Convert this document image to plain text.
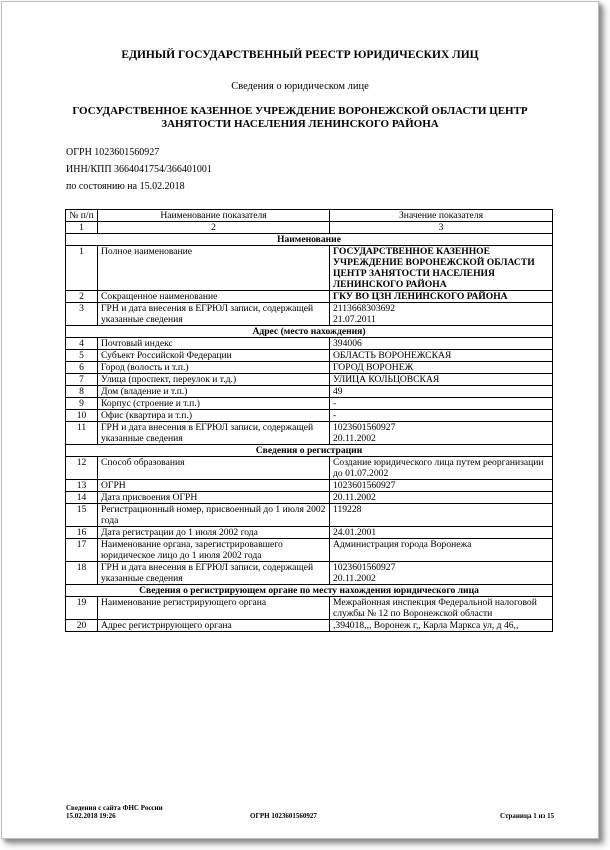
ЕДИНЫЙ ГОСУДАРСТВЕННЫЙ РЕЕСТР ЮРИДИЧЕСКИХ ЛИЦ
Сведения о юридическом лице
ГОСУДАРСТВЕННОЕ КАЗЕННОЕ УЧРЕЖДЕНИЕ ВОРОНЕЖСКОЙ ОБЛАСТИ ЦЕНТР ЗАНЯТОСТИ НАСЕЛЕНИЯ ЛЕНИНСКОГО РАЙОНА
ОГРН 1023601560927
ИНН/КПП 3664041754/366401001
по состоянию на 15.02.2018
№ п/п	Наименование показателя	Значение показателя
1	2	3
Наименование		
1	Полное наименование	ГОСУДАРСТВЕННОЕ КАЗЕННОЕ УЧРЕЖДЕНИЕ ВОРОНЕЖСКОЙ ОБЛАСТИ ЦЕНТР ЗАНЯТОСТИ НАСЕЛЕНИЯ ЛЕНИНСКОГО РАЙОНА
2	Сокращенное наименование	ГКУ ВО ЦЗН ЛЕНИНСКОГО РАЙОНА
3	ГРН и дата внесения в ЕГРЮЛ записи, содержащей указанные сведения	2113668303692
21.07.2011
Адрес (место нахождения)		
4	Почтовый индекс	394006
5	Субъект Российской Федерации	ОБЛАСТЬ ВОРОНЕЖСКАЯ
6	Город (волость и т.п.)	ГОРОД ВОРОНЕЖ
7	Улица (проспект, переулок и т.д.)	УЛИЦА КОЛЬЦОВСКАЯ
8	Дом (владение и т.п.)	49
9	Корпус (строение и т.п.)	-
10	Офис (квартира и т.п.)	-
11	ГРН и дата внесения в ЕГРЮЛ записи, содержащей указанные сведения	1023601560927
20.11.2002
Сведения о регистрации		
12	Способ образования	Создание юридического лица путем реорганизации до 01.07.2002
13	ОГРН	1023601560927
14	Дата присвоения ОГРН	20.11.2002
15	Регистрационный номер, присвоенный до 1 июля 2002 года	119228
16	Дата регистрации до 1 июля 2002 года	24.01.2001
17	Наименование органа, зарегистрировавшего юридическое лицо до 1 июля 2002 года	Администрация города Воронежа
18	ГРН и дата внесения в ЕГРЮЛ записи, содержащей указанные сведения	1023601560927
20.11.2002
Сведения о регистрирующем органе по месту нахождения юридического лица		
19	Наименование регистрирующего органа	Межрайонная инспекция Федеральной налоговой службы № 12 по Воронежской области
20	Адрес регистрирующего органа	,394018,,, Воронеж г,, Карла Маркса ул, д 46,,
Сведения с сайта ФНС России
15.02.2018 19:26	ОГРН 1023601560927	Страница 1 из 15
